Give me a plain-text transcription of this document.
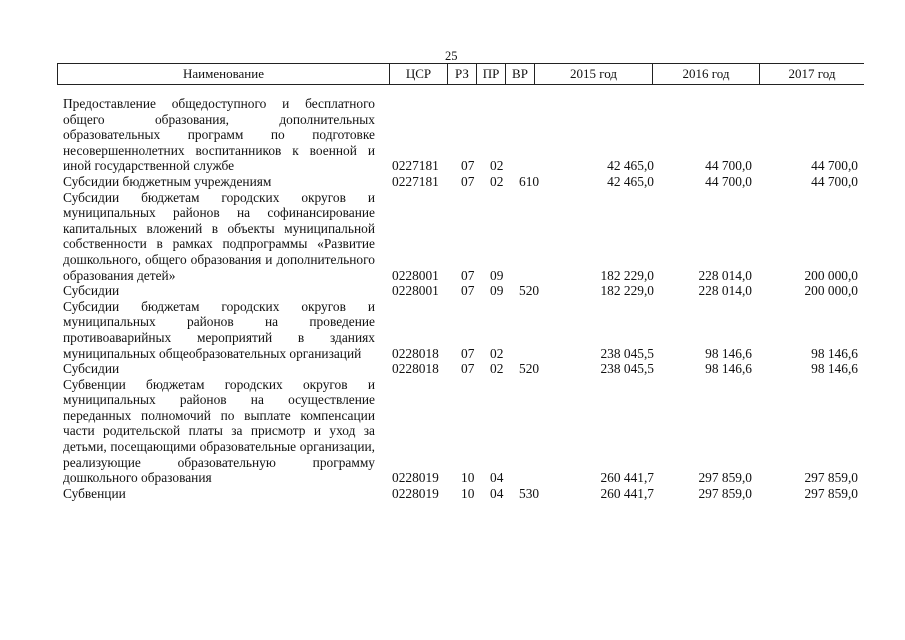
25
Наименование	ЦСР	РЗ	ПР ВР	2015 год	2016 год	2017 год
Предоставление общедоступного и бесплатного общего образования, дополнительных образовательных программ по подготовке несовершеннолетних воспитанников к военной и иной государственной службе	0227181 07 02	42 465,0	44 700,0	44 700,0
Субсидии бюджетным учреждениям	0227181 07 02 610	42 465,0	44 700,0	44 700,0
Субсидии бюджетам городских округов и муниципальных районов на софинансирование капитальных вложений в объекты муниципальной собственности в рамках подпрограммы «Развитие дошкольного, общего образования и дополнительного образования детей»	0228001 07 09	182 229,0	228 014,0	200 000,0
Субсидии	0228001 07 09 520	182 229,0	228 014,0	200 000,0
Субсидии бюджетам городских округов и муниципальных районов на проведение противоаварийных мероприятий в зданиях муниципальных общеобразовательных организаций	0228018 07 02	238 045,5	98 146,6	98 146,6
Субсидии	0228018 07 02 520	238 045,5	98 146,6	98 146,6
Субвенции бюджетам городских округов и муниципальных районов на осуществление переданных полномочий по выплате компенсации части родительской платы за присмотр и уход за детьми, посещающими образовательные организации, реализующие образовательную программу дошкольного образования	0228019 10 04	260 441,7	297 859,0	297 859,0
Субвенции	0228019 10 04 530	260 441,7	297 859,0	297 859,0
